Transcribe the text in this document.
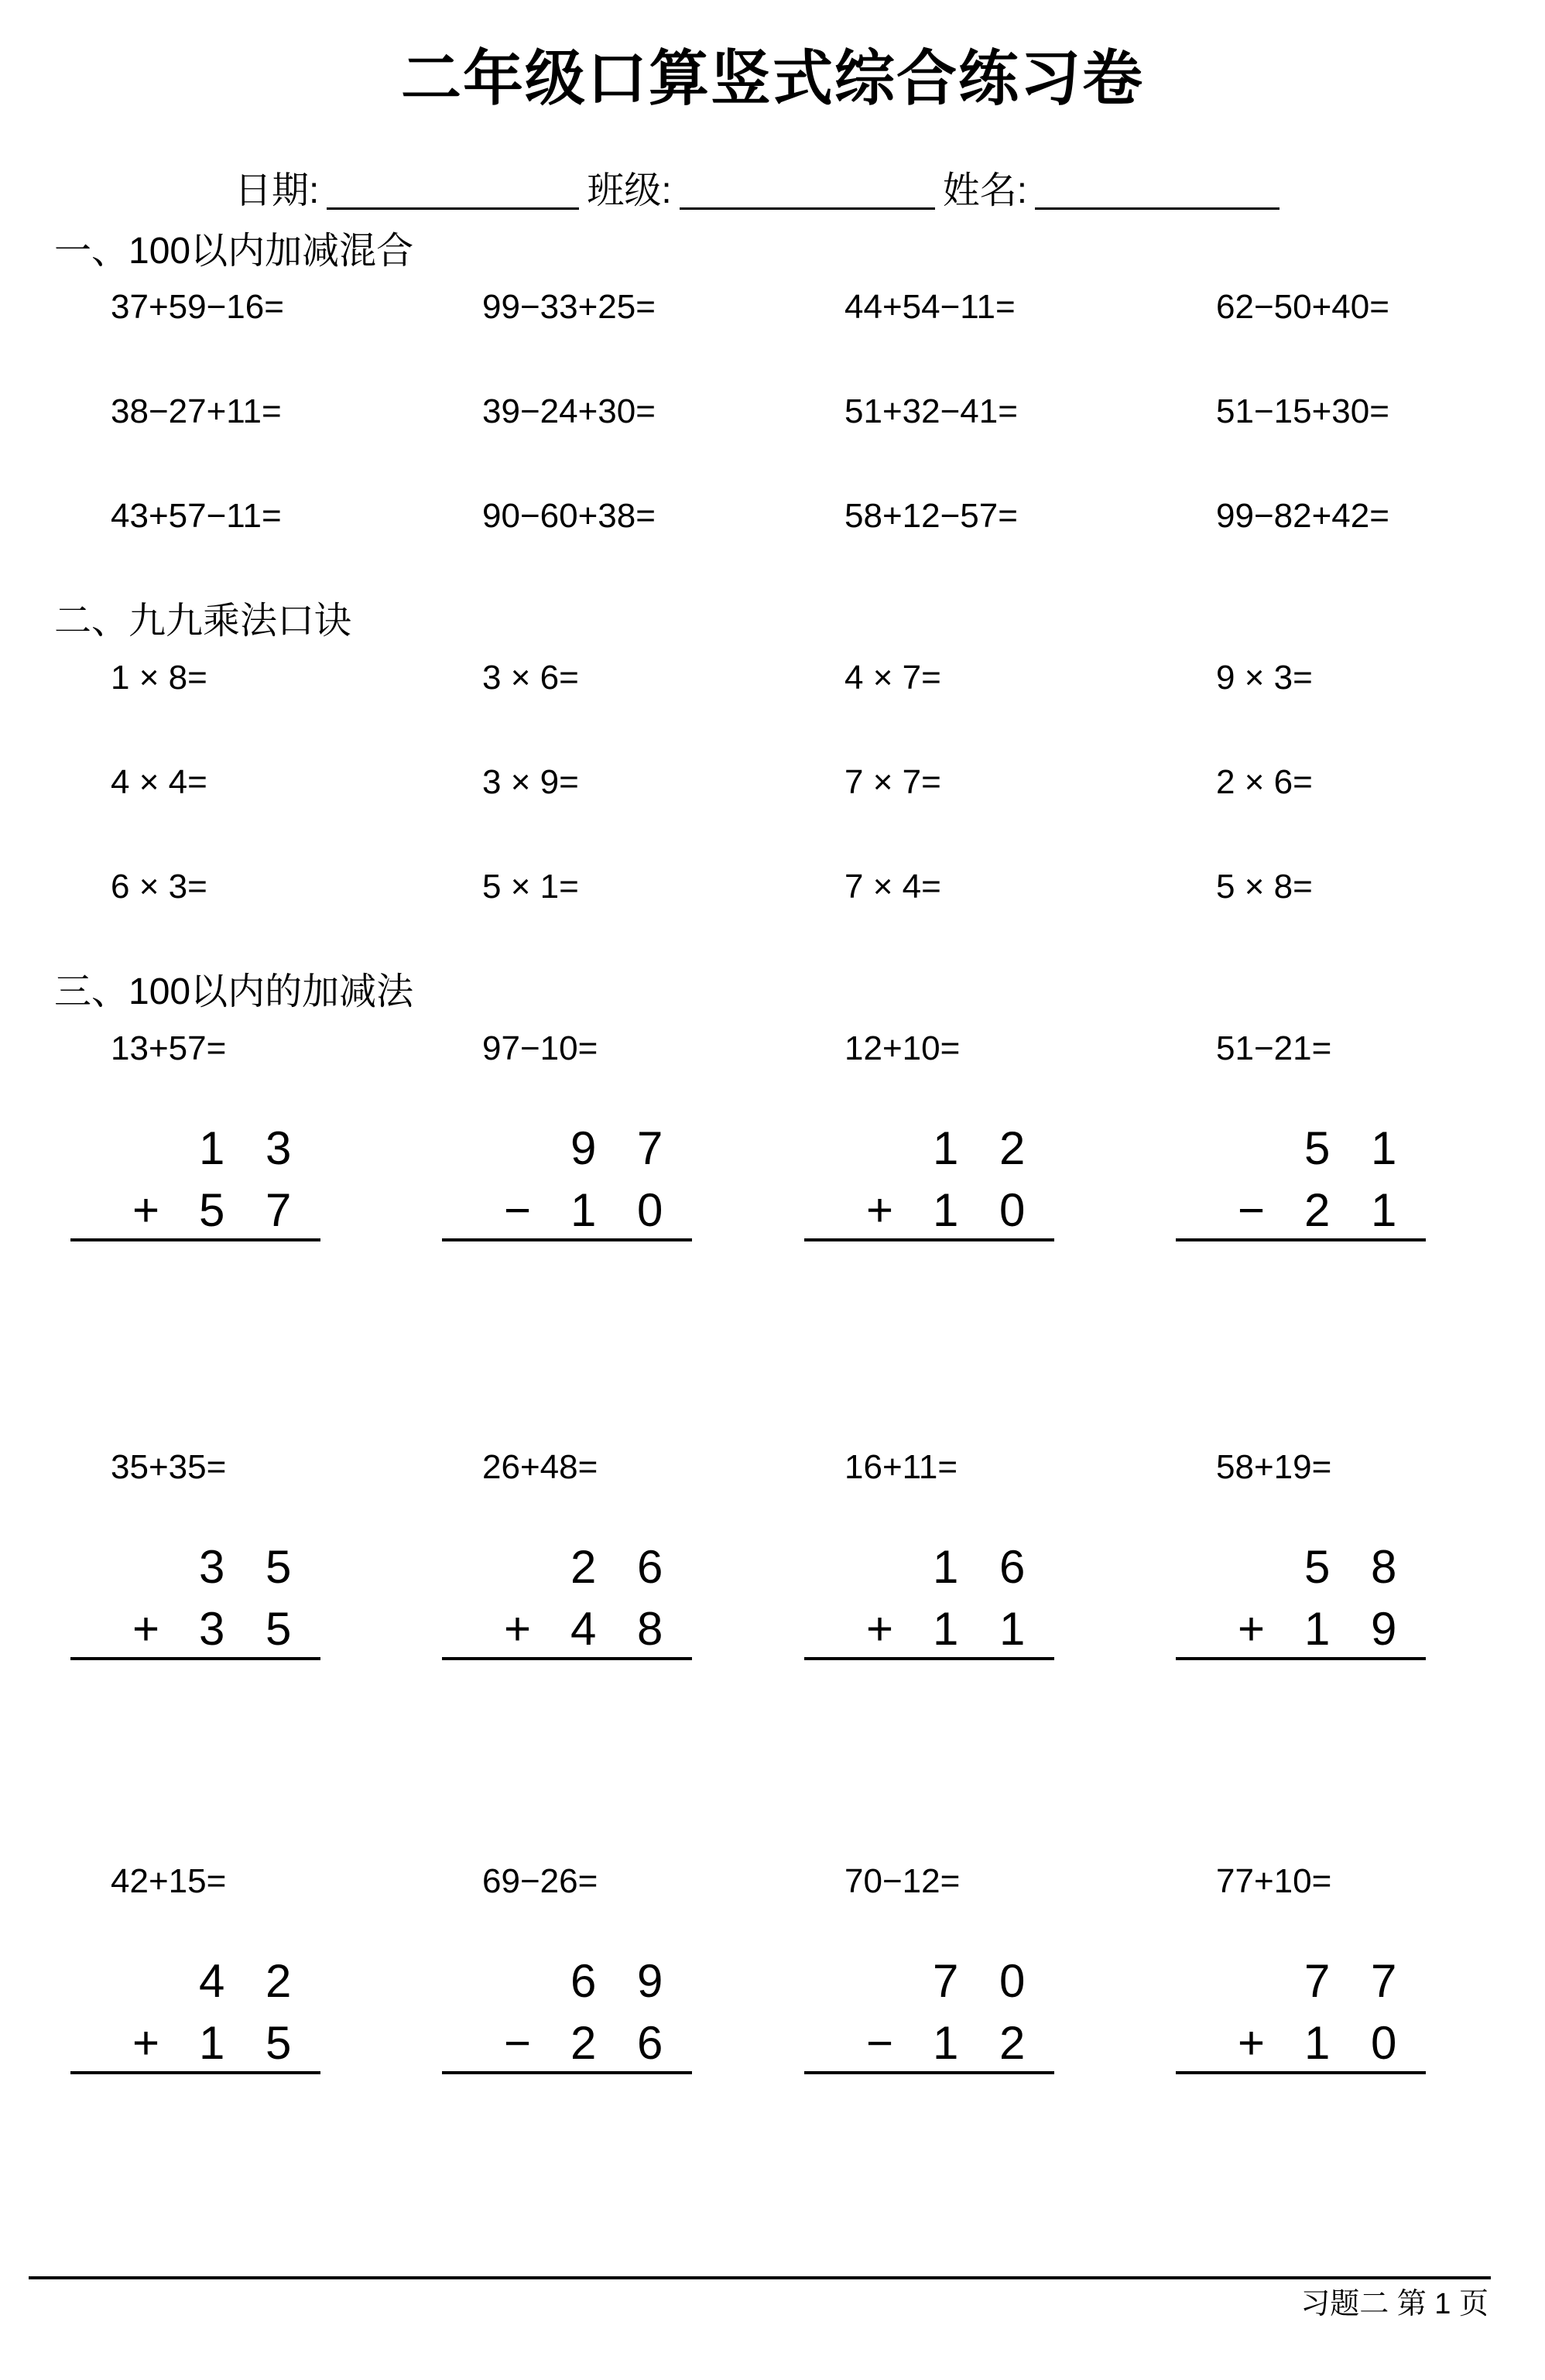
二年级口算竖式综合练习卷
日期:	班级:	姓名:
一、100以内加减混合
二、九九乘法口诀
三、100以内的加减法
37+59−16=	99−33+25=	44+54−11=	62−50+40=
38−27+11=	39−24+30=	51+32−41=	51−15+30=
43+57−11=	90−60+38=	58+12−57=	99−82+42=
1 × 8=	3 × 6=	4 × 7=	9 × 3=
4 × 4=	3 × 9=	7 × 7=	2 × 6=
6 × 3=	5 × 1=	7 × 4=	5 × 8=
13+57=
1 3
+ 5 7
97−10=
9 7
− 1 0
12+10=
1 2
+ 1 0
51−21=
5 1
− 2 1
35+35=
3 5
+ 3 5
26+48=
2 6
+ 4 8
16+11=
1 6
+ 1 1
58+19=
5 8
+ 1 9
42+15=
4 2
+ 1 5
69−26=
6 9
− 2 6
70−12=
7 0
− 1 2
77+10=
7 7
+ 1 0
习题二 第 1 页
